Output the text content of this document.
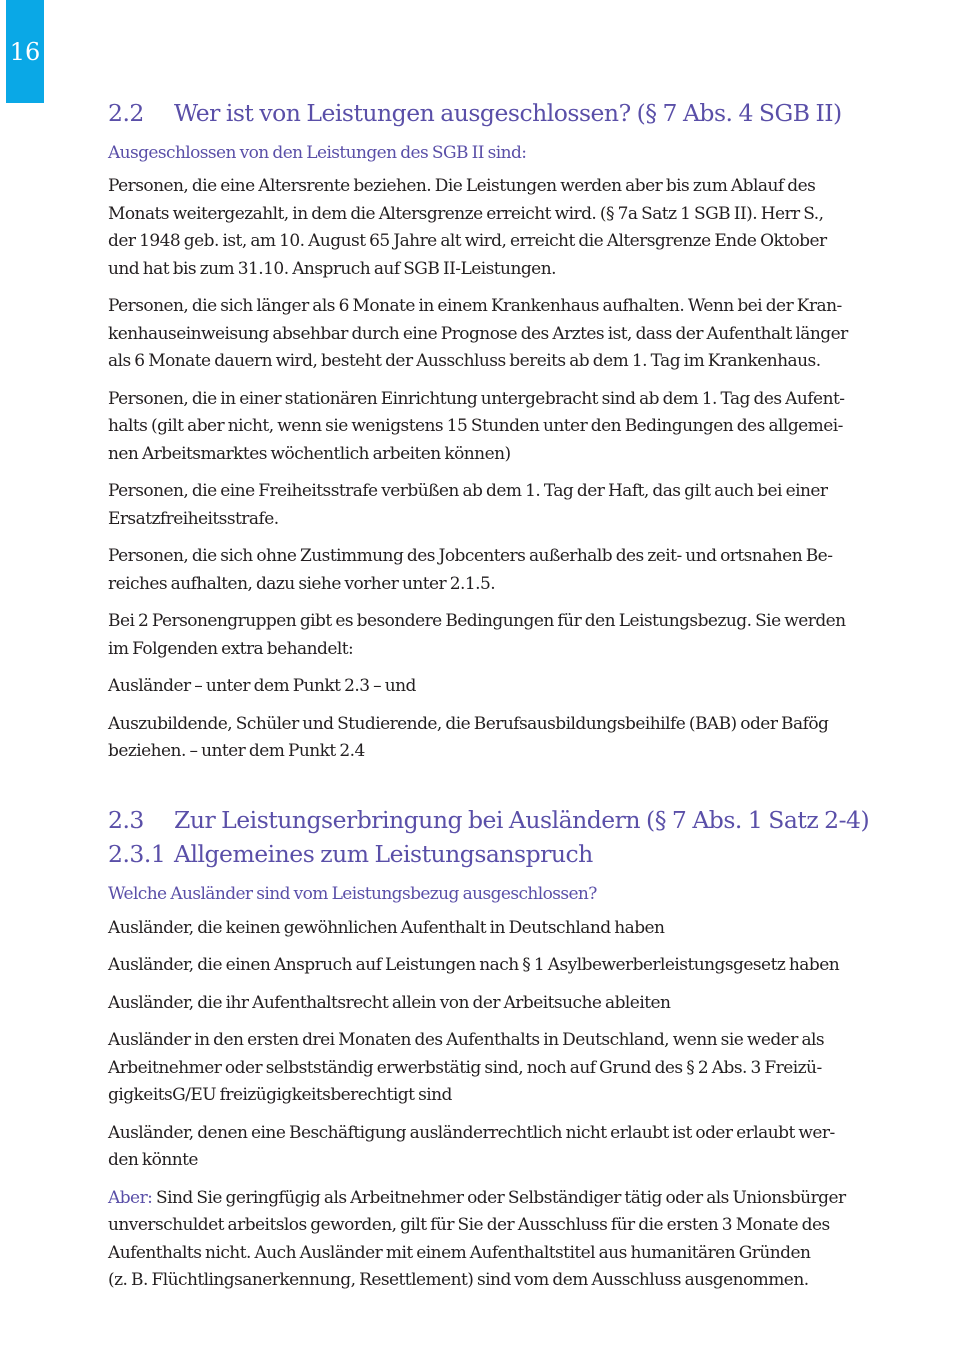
16
2.2 Wer ist von Leistungen ausgeschlossen? (§ 7 Abs. 4 SGB II)
Ausgeschlossen von den Leistungen des SGB II sind:

Personen, die eine Altersrente beziehen. Die Leistungen werden aber bis zum Ablauf des
Monats weitergezahlt, in dem die Altersgrenze erreicht wird. (§ 7a Satz 1 SGB II). Herr S.,
der 1948 geb. ist, am 10. August 65 Jahre alt wird, erreicht die Altersgrenze Ende Oktober
und hat bis zum 31.10. Anspruch auf SGB II-Leistungen.

Personen, die sich länger als 6 Monate in einem Krankenhaus aufhalten. Wenn bei der Kran-
kenhauseinweisung absehbar durch eine Prognose des Arztes ist, dass der Aufenthalt länger
als 6 Monate dauern wird, besteht der Ausschluss bereits ab dem 1. Tag im Krankenhaus.

Personen, die in einer stationären Einrichtung untergebracht sind ab dem 1. Tag des Aufent-
halts (gilt aber nicht, wenn sie wenigstens 15 Stunden unter den Bedingungen des allgemei-
nen Arbeitsmarktes wöchentlich arbeiten können)

Personen, die eine Freiheitsstrafe verbüßen ab dem 1. Tag der Haft, das gilt auch bei einer
Ersatzfreiheitsstrafe.

Personen, die sich ohne Zustimmung des Jobcenters außerhalb des zeit- und ortsnahen Be-
reiches aufhalten, dazu siehe vorher unter 2.1.5.

Bei 2 Personengruppen gibt es besondere Bedingungen für den Leistungsbezug. Sie werden
im Folgenden extra behandelt:

Ausländer – unter dem Punkt 2.3 – und

Auszubildende, Schüler und Studierende, die Berufsausbildungsbeihilfe (BAB) oder Bafög
beziehen. – unter dem Punkt 2.4

2.3 Zur Leistungserbringung bei Ausländern (§ 7 Abs. 1 Satz 2-4)
2.3.1 Allgemeines zum Leistungsanspruch
Welche Ausländer sind vom Leistungsbezug ausgeschlossen?

Ausländer, die keinen gewöhnlichen Aufenthalt in Deutschland haben

Ausländer, die einen Anspruch auf Leistungen nach § 1 Asylbewerberleistungsgesetz haben

Ausländer, die ihr Aufenthaltsrecht allein von der Arbeitsuche ableiten

Ausländer in den ersten drei Monaten des Aufenthalts in Deutschland, wenn sie weder als
Arbeitnehmer oder selbstständig erwerbstätig sind, noch auf Grund des § 2 Abs. 3 Freizü-
gigkeitsG/EU freizügigkeitsberechtigt sind

Ausländer, denen eine Beschäftigung ausländerrechtlich nicht erlaubt ist oder erlaubt wer-
den könnte

Aber: Sind Sie geringfügig als Arbeitnehmer oder Selbständiger tätig oder als Unionsbürger
unverschuldet arbeitslos geworden, gilt für Sie der Ausschluss für die ersten 3 Monate des
Aufenthalts nicht. Auch Ausländer mit einem Aufenthaltstitel aus humanitären Gründen
(z. B. Flüchtlingsanerkennung, Resettlement) sind vom dem Ausschluss ausgenommen.
